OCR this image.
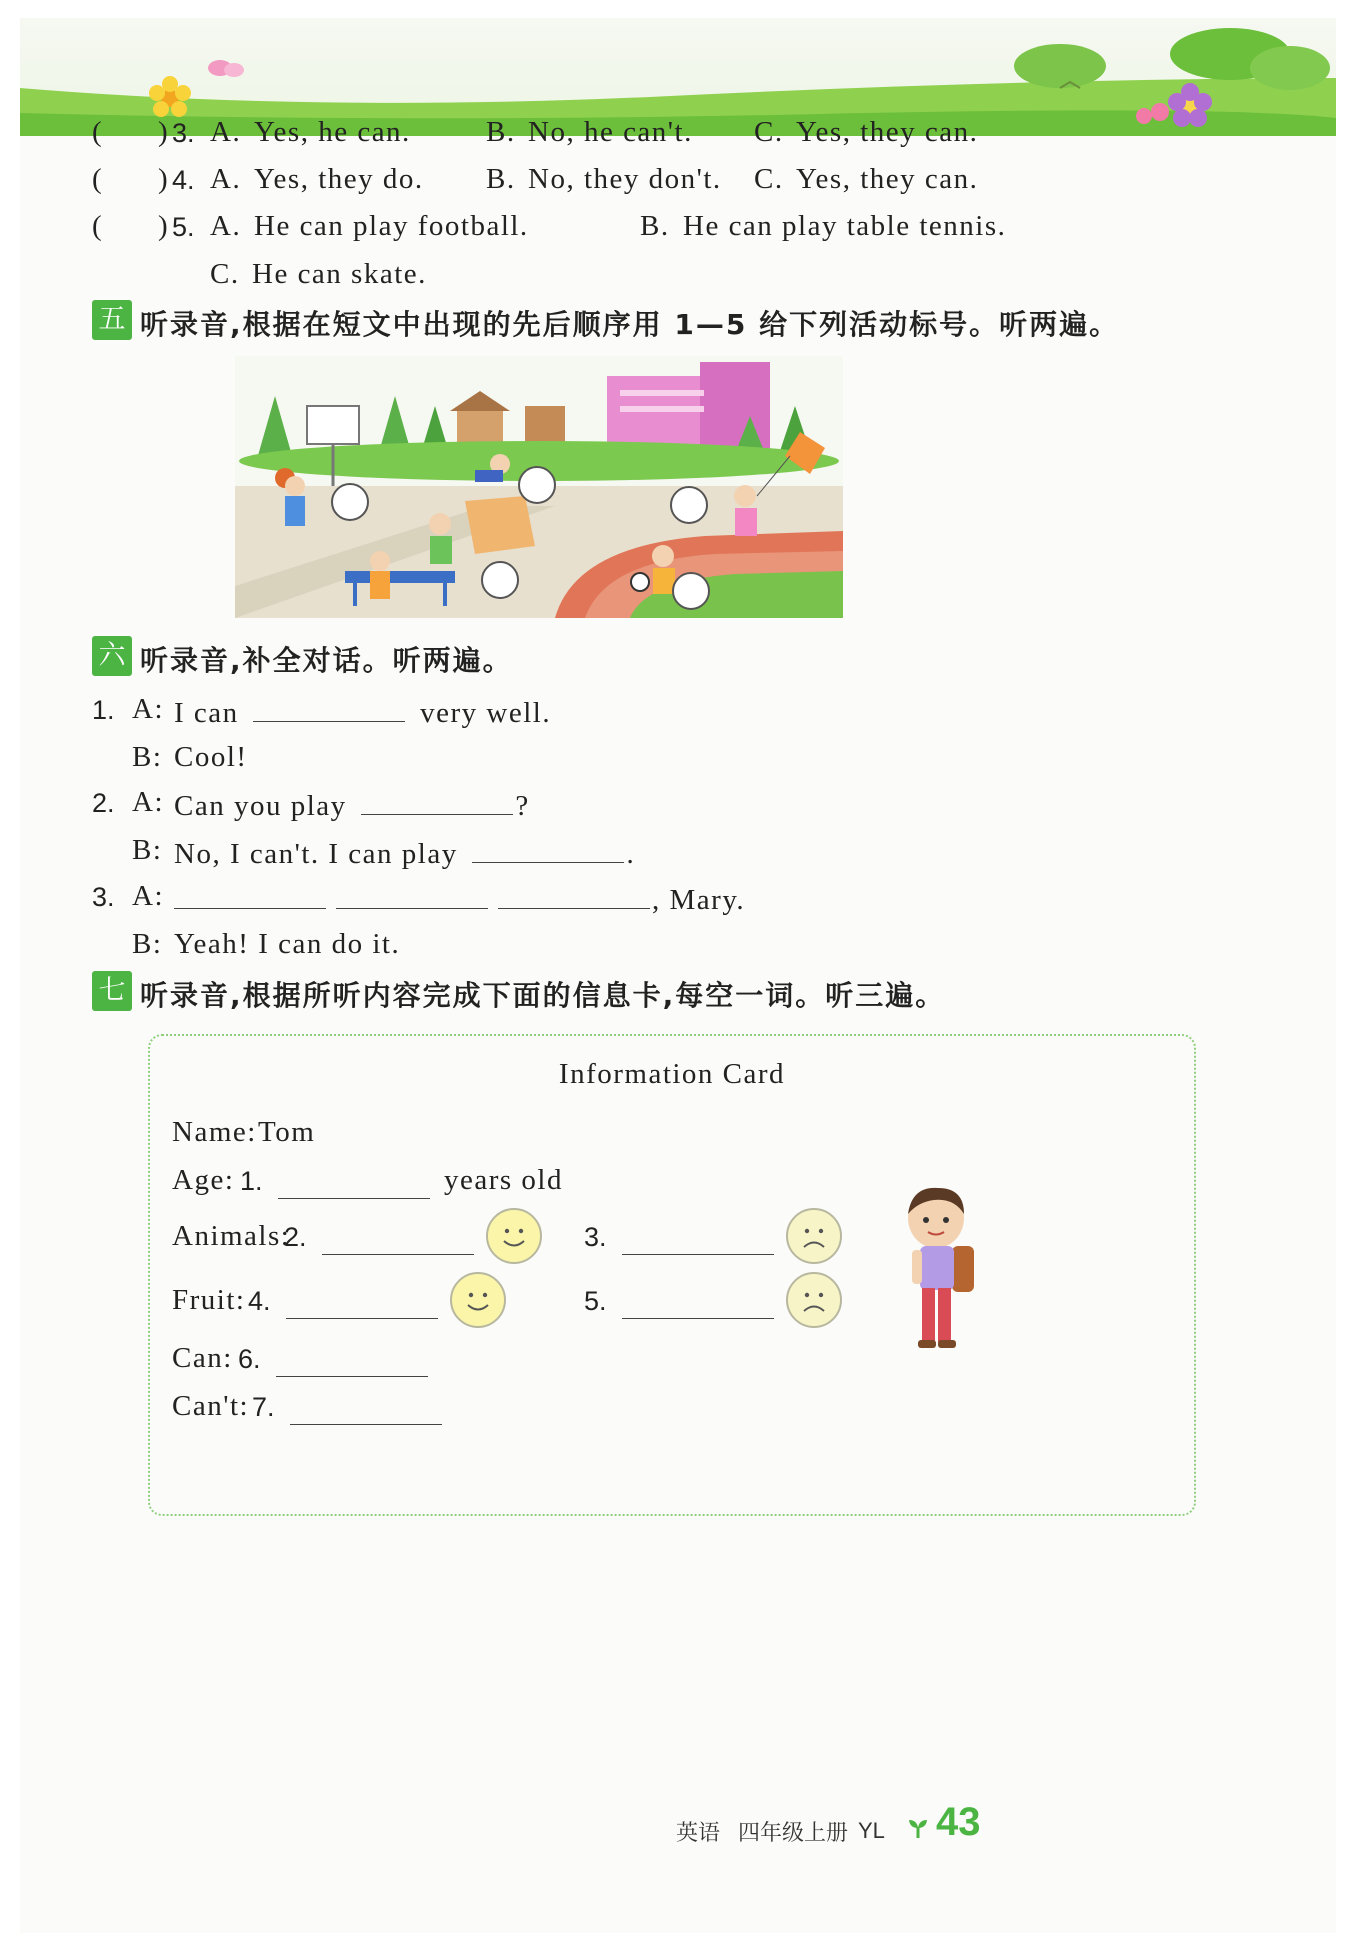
( ) 3. A. Yes, he can.	B. No, he can't. C. Yes, they can.
( ) 4. A. Yes, they do. B. No, they don't. C. Yes, they can.
( ) 5. A. He can play football.	B. He can play table tennis.
C. He can skate.
五 听录音,根据在短文中出现的先后顺序用 1—5 给下列活动标号。听两遍。
六 听录音,补全对话。听两遍。
1. A: I can	very well.
B: Cool!
2. A: Can you play	?
B: No, I can't. I can play	.
3. A:	, Mary.
B: Yeah! I can do it.
七 听录音,根据所听内容完成下面的信息卡,每空一词。听三遍。
Information Card
Name: Tom
Age: 1.	years old
Animals:
2.	3.
Fruit: 4.	5.
Can: 6.
Can't: 7.
英语 四年级上册 YL 43
